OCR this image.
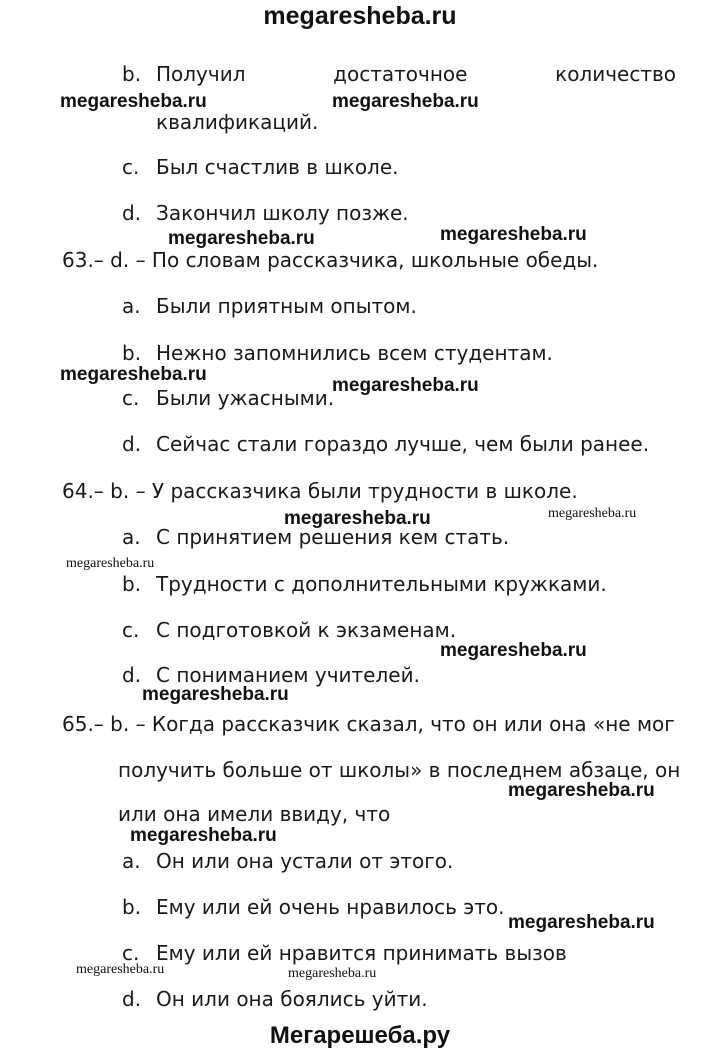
megaresheba.ru
b. Получил	достаточное	количество
квалификаций.
c. Был счастлив в школе.
d. Закончил школу позже.
63.– d. – По словам рассказчика, школьные обеды.
a. Были приятным опытом.
b. Нежно запомнились всем студентам.
c. Были ужасными.
d. Сейчас стали гораздо лучше, чем были ранее.
64.– b. – У рассказчика были трудности в школе.
a. С принятием решения кем стать.
b. Трудности с дополнительными кружками.
c. С подготовкой к экзаменам.
d. С пониманием учителей.
65.– b. – Когда рассказчик сказал, что он или она «не мог
получить больше от школы» в последнем абзаце, он
или она имели ввиду, что
a. Он или она устали от этого.
b. Ему или ей очень нравилось это.
c. Ему или ей нравится принимать вызов
d. Он или она боялись уйти.
megaresheba.ru	megaresheba.ru
megaresheba.ru	megaresheba.ru
megaresheba.ru
megaresheba.ru
megaresheba.ru	megaresheba.ru
megaresheba.ru
megaresheba.ru
megaresheba.ru
megaresheba.ru
megaresheba.ru
megaresheba.ru
megaresheba.ru	megaresheba.ru
Мегарешеба.ру
